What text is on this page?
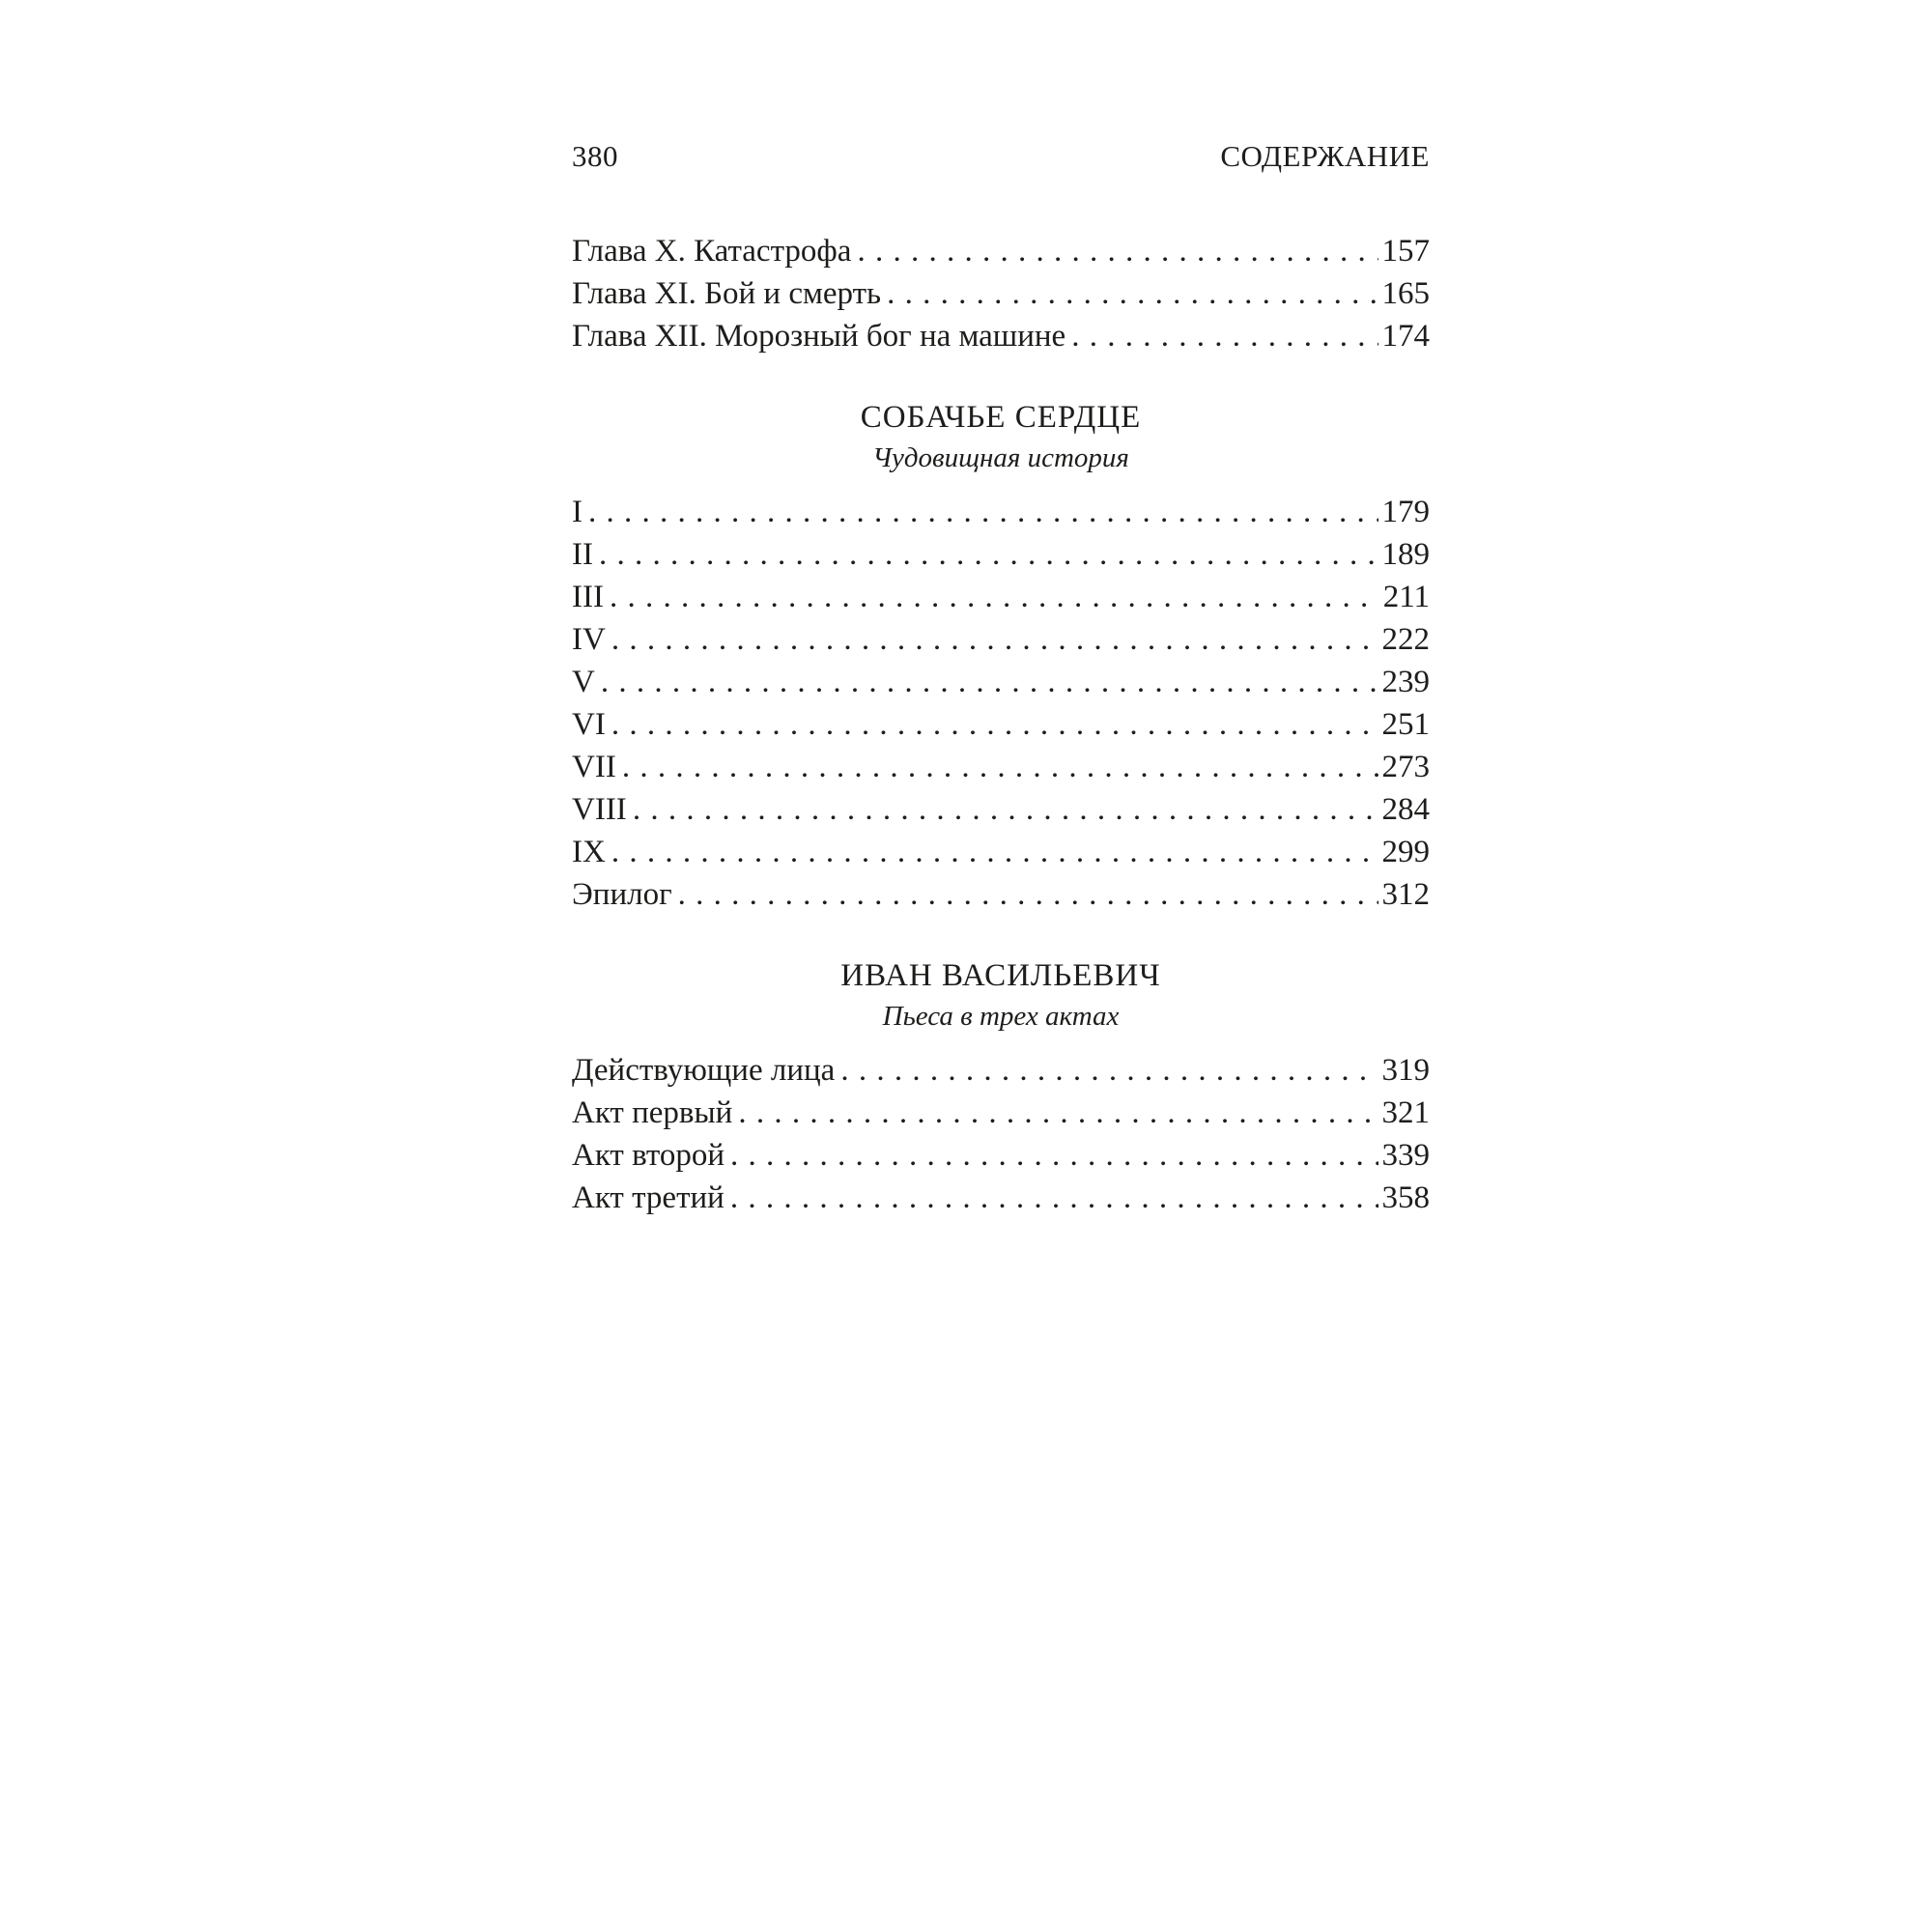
380	СОДЕРЖАНИЕ
Глава X. Катастрофа . . .	157
Глава XI. Бой и смерть . . .	165
Глава XII. Морозный бог на машине . . .	174
СОБАЧЬЕ СЕРДЦЕ
Чудовищная история
I . . .	179
II . . .	189
III . . .	211
IV . . .	222
V . . .	239
VI . . .	251
VII . . .	273
VIII . . .	284
IX . . .	299
Эпилог . . .	312
ИВАН ВАСИЛЬЕВИЧ
Пьеса в трех актах
Действующие лица . . .	319
Акт первый . . .	321
Акт второй . . .	339
Акт третий . . .	358
